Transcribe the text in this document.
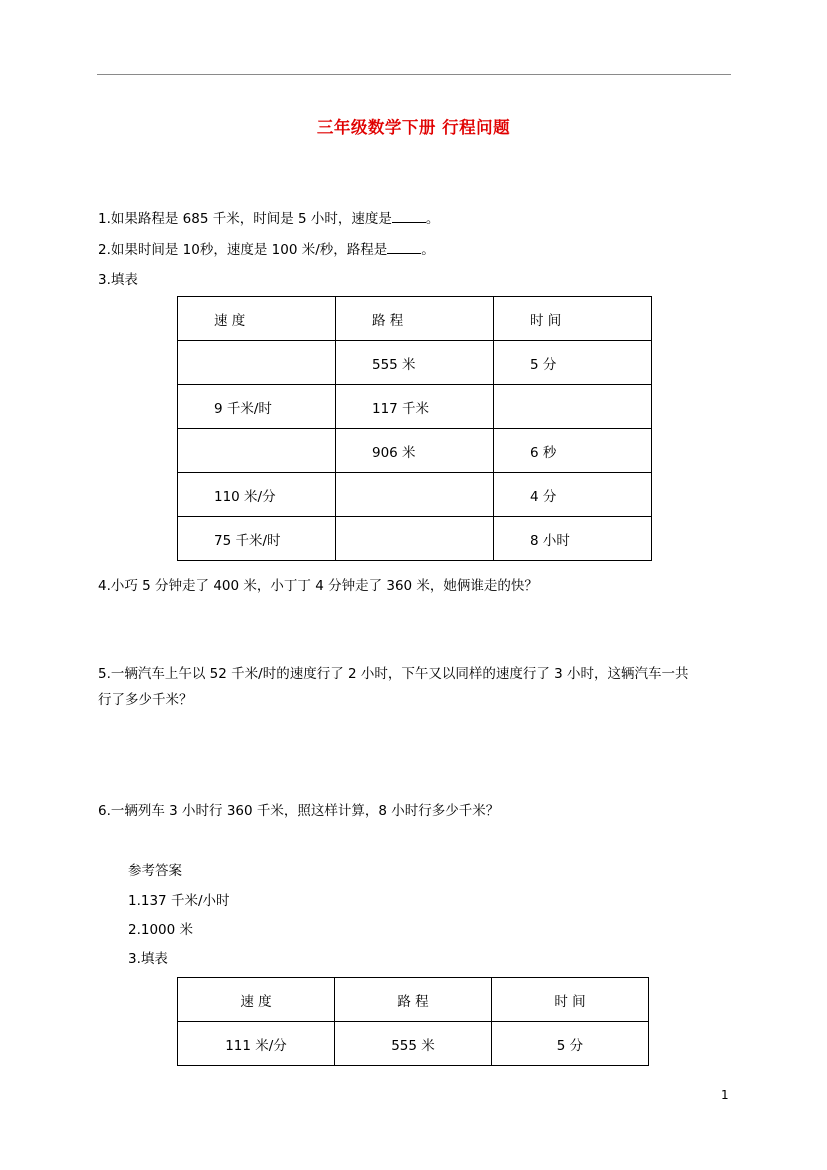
三年级数学下册 行程问题
1.如果路程是 685 千米，时间是 5 小时，速度是	。
2.如果时间是 10秒，速度是 100 米/秒，路程是	。
3.填表
速 度	路 程	时 间
	555 米	5 分
9 千米/时	117 千米	
	906 米	6 秒
110 米/分		4 分
75 千米/时		8 小时
4.小巧 5 分钟走了 400 米，小丁丁 4 分钟走了 360 米，她俩谁走的快？
5.一辆汽车上午以 52 千米/时的速度行了 2 小时，下午又以同样的速度行了 3 小时，这辆汽车一共
行了多少千米？
6.一辆列车 3 小时行 360 千米，照这样计算，8 小时行多少千米？
参考答案
1.137 千米/小时
2.1000 米
3.填表
速 度	路 程	时 间
111 米/分	555 米	5 分
1
